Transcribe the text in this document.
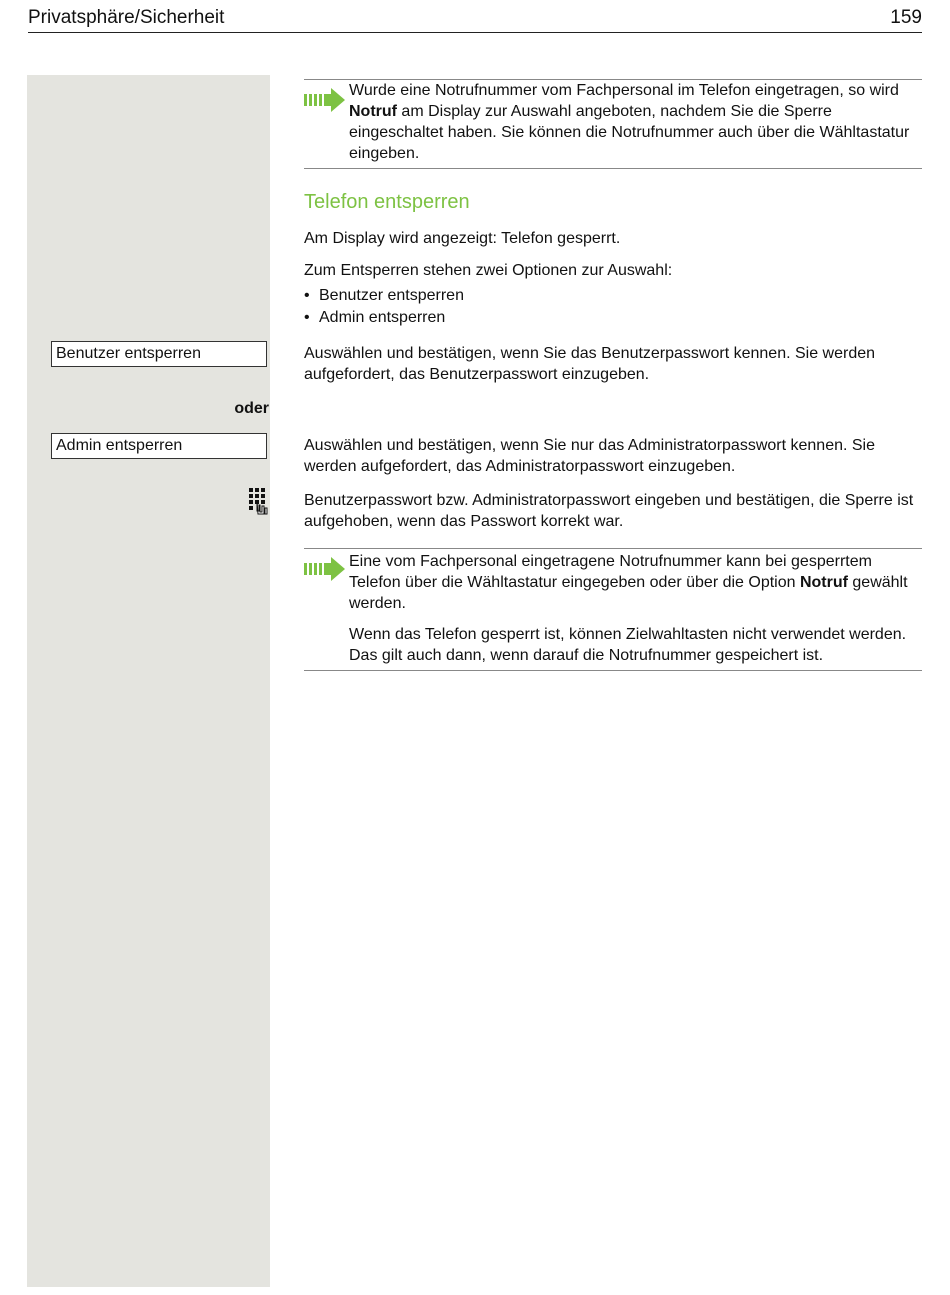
Privatsphäre/Sicherheit	159

Wurde eine Notrufnummer vom Fachpersonal im Telefon eingetragen, so wird Notruf am Display zur Auswahl angeboten, nachdem Sie die Sperre eingeschaltet haben. Sie können die Notrufnummer auch über die Wähltastatur eingeben.

Telefon entsperren

Am Display wird angezeigt: Telefon gesperrt.

Zum Entsperren stehen zwei Optionen zur Auswahl:

• Benutzer entsperren
• Admin entsperren
Benutzer entsperren	Auswählen und bestätigen, wenn Sie das Benutzerpasswort kennen. Sie werden aufgefordert, das Benutzerpasswort einzugeben.

oder
Admin entsperren	Auswählen und bestätigen, wenn Sie nur das Administratorpasswort kennen. Sie werden aufgefordert, das Administratorpasswort einzugeben.

Benutzerpasswort bzw. Administratorpasswort eingeben und bestätigen, die Sperre ist aufgehoben, wenn das Passwort korrekt war.

Eine vom Fachpersonal eingetragene Notrufnummer kann bei gesperrtem Telefon über die Wähltastatur eingegeben oder über die Option Notruf gewählt werden.

Wenn das Telefon gesperrt ist, können Zielwahltasten nicht verwendet werden. Das gilt auch dann, wenn darauf die Notrufnummer gespeichert ist.
